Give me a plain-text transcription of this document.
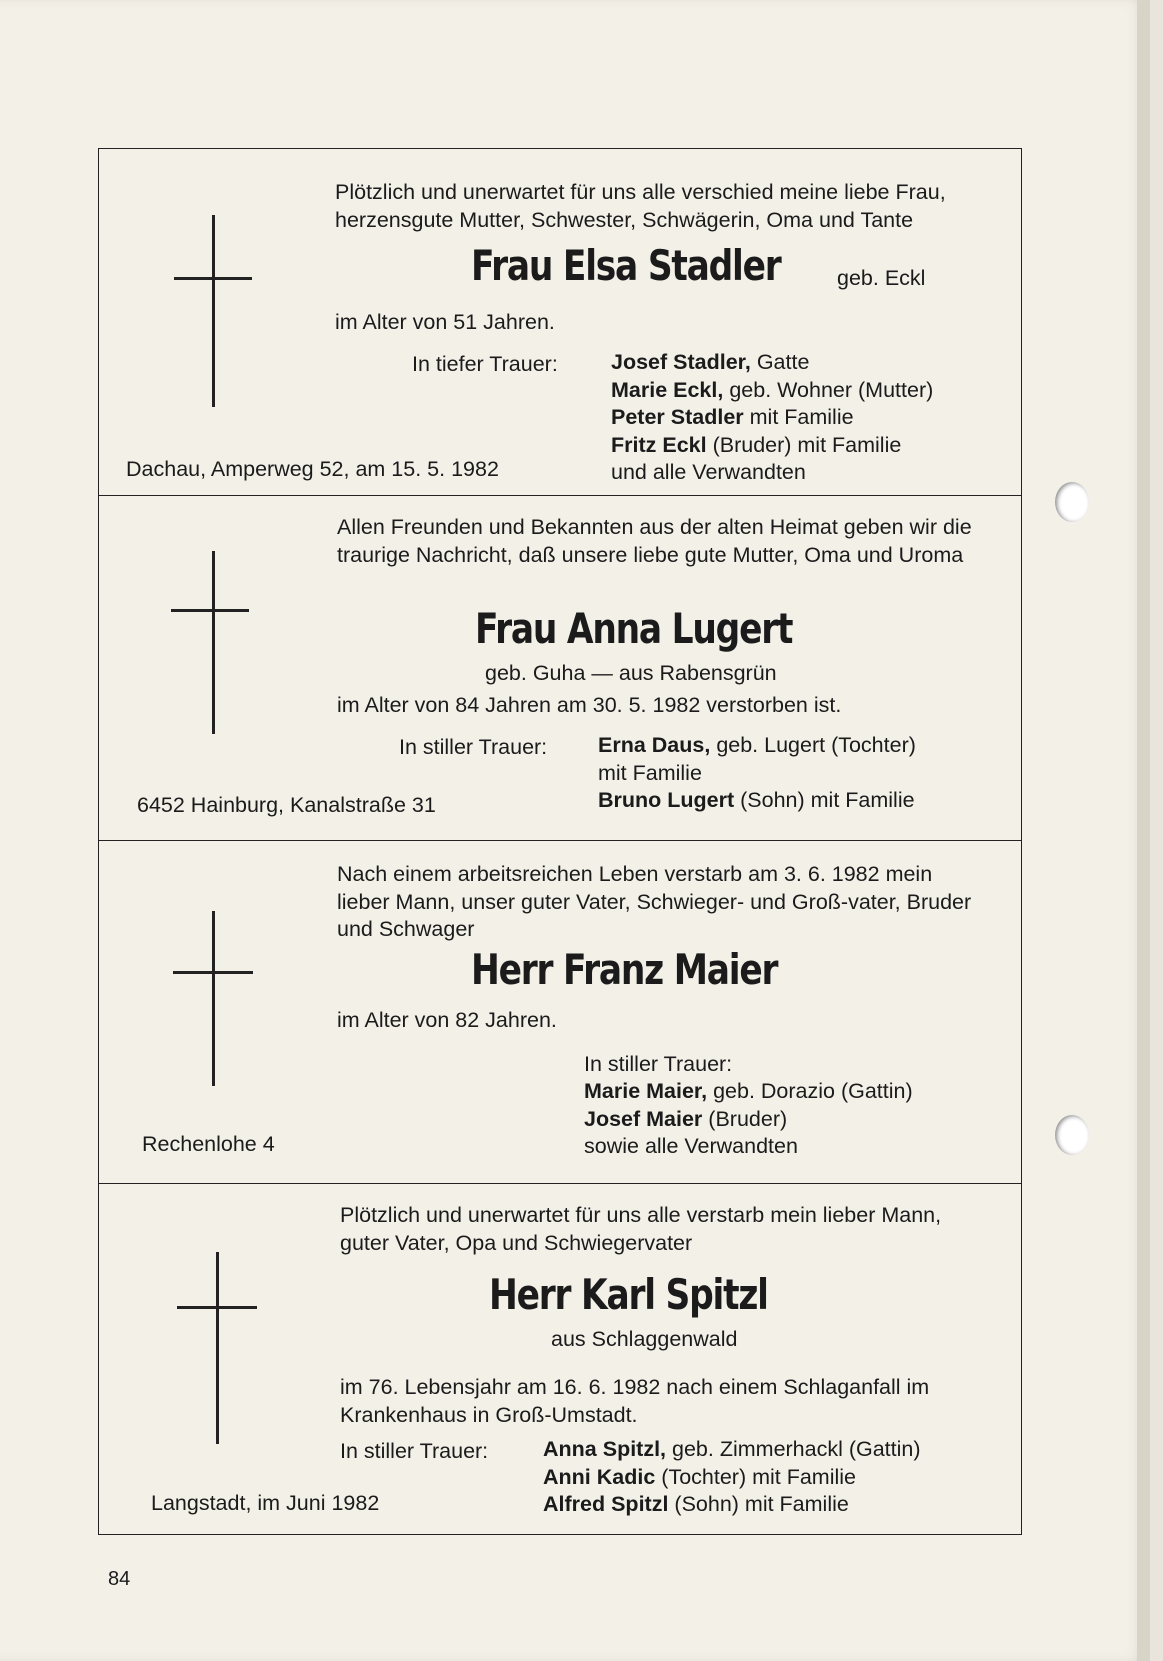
Plötzlich und unerwartet für uns alle verschied meine liebe Frau, herzensgute Mutter, Schwester, Schwägerin, Oma und Tante
Frau Elsa Stadler	geb. Eckl
im Alter von 51 Jahren.
In tiefer Trauer: Josef Stadler, Gatte
Marie Eckl, geb. Wohner (Mutter)
Peter Stadler mit Familie
Fritz Eckl (Bruder) mit Familie
und alle Verwandten
Dachau, Amperweg 52, am 15. 5. 1982
Allen Freunden und Bekannten aus der alten Heimat geben wir die traurige Nachricht, daß unsere liebe gute Mutter, Oma und Uroma
Frau Anna Lugert
geb. Guha — aus Rabensgrün
im Alter von 84 Jahren am 30. 5. 1982 verstorben ist.
In stiller Trauer: Erna Daus, geb. Lugert (Tochter)
mit Familie
Bruno Lugert (Sohn) mit Familie
6452 Hainburg, Kanalstraße 31
Nach einem arbeitsreichen Leben verstarb am 3. 6. 1982 mein lieber Mann, unser guter Vater, Schwieger- und Groß-vater, Bruder und Schwager
Herr Franz Maier
im Alter von 82 Jahren.
In stiller Trauer:
Marie Maier, geb. Dorazio (Gattin)
Josef Maier (Bruder)
sowie alle Verwandten
Rechenlohe 4
Plötzlich und unerwartet für uns alle verstarb mein lieber Mann, guter Vater, Opa und Schwiegervater
Herr Karl Spitzl
aus Schlaggenwald
im 76. Lebensjahr am 16. 6. 1982 nach einem Schlaganfall im Krankenhaus in Groß-Umstadt.
In stiller Trauer:	Anna Spitzl, geb. Zimmerhackl (Gattin)
Anni Kadic (Tochter) mit Familie
Alfred Spitzl (Sohn) mit Familie
Langstadt, im Juni 1982
84
